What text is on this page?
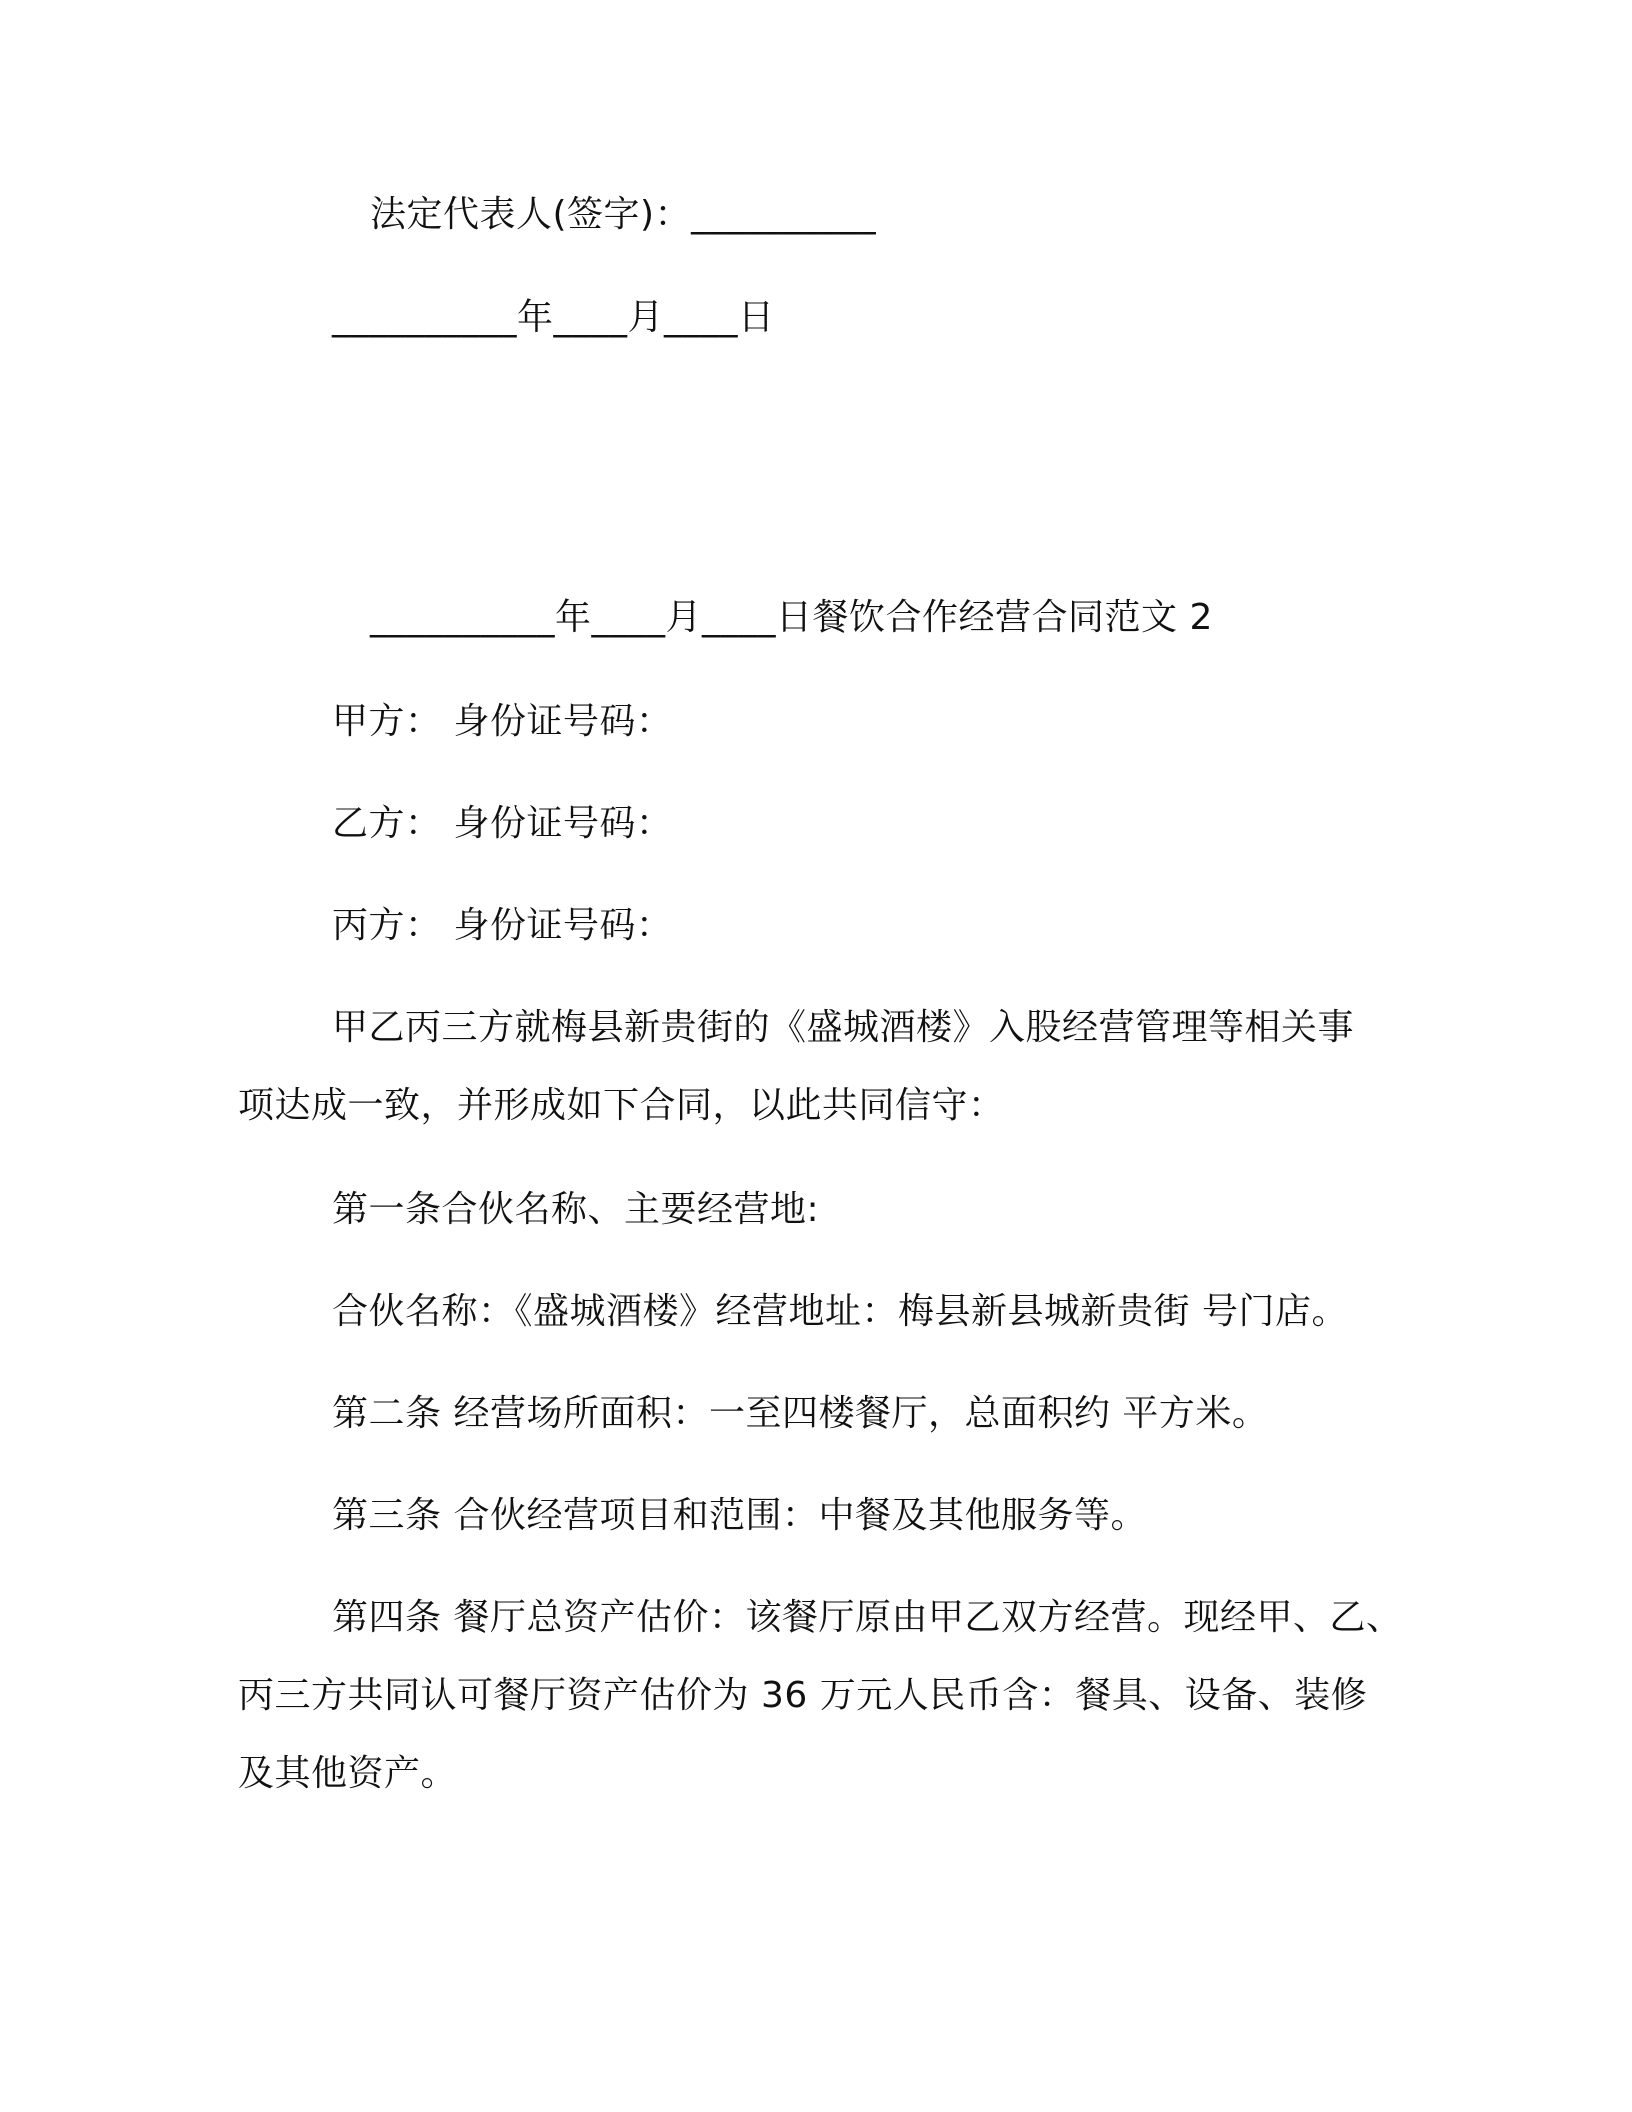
法定代表人(签字)：__________
__________年____月____日
__________年____月____日餐饮合作经营合同范文 2
甲方： 身份证号码：
乙方： 身份证号码：
丙方： 身份证号码：
甲乙丙三方就梅县新贵街的《盛城酒楼》入股经营管理等相关事
项达成一致，并形成如下合同，以此共同信守：
第一条合伙名称、主要经营地:
合伙名称：《盛城酒楼》经营地址：梅县新县城新贵街 号门店。
第二条 经营场所面积：一至四楼餐厅，总面积约 平方米。
第三条 合伙经营项目和范围：中餐及其他服务等。
第四条 餐厅总资产估价：该餐厅原由甲乙双方经营。现经甲、乙、
丙三方共同认可餐厅资产估价为 36 万元人民币含：餐具、设备、装修
及其他资产。
